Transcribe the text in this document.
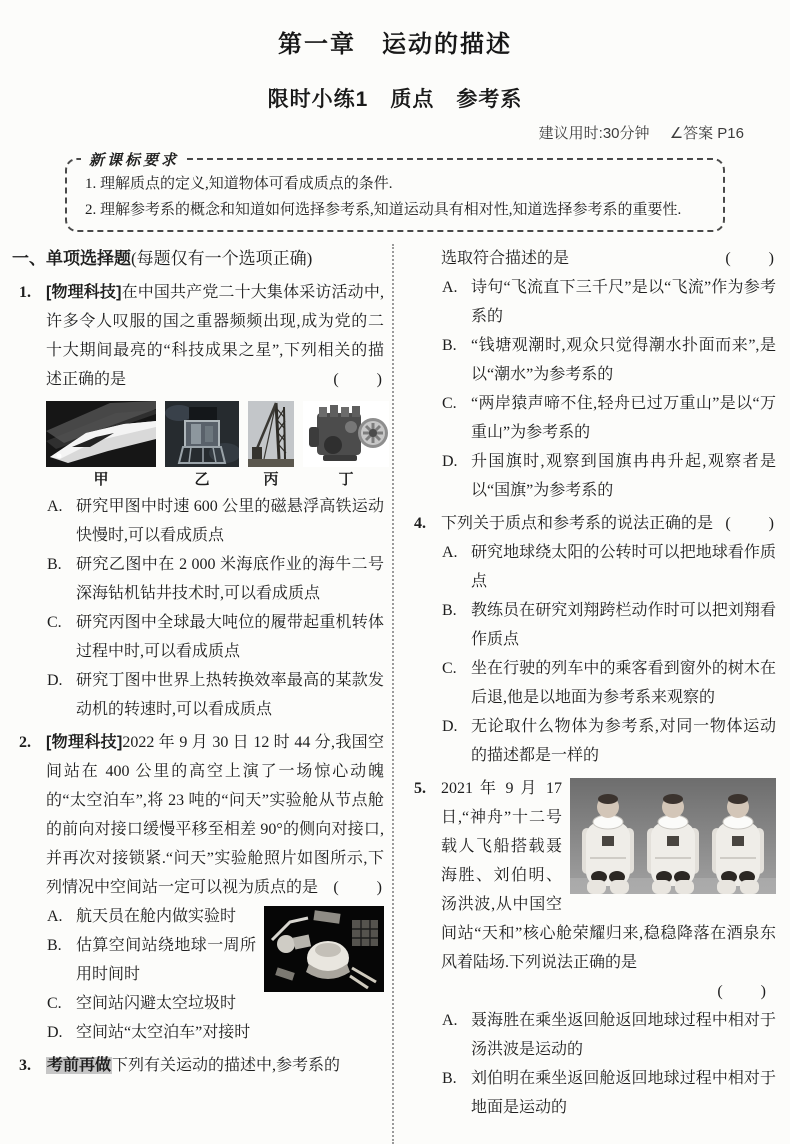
第一章　运动的描述
限时小练1　质点　参考系
建议用时:30分钟 ∠答案 P16
新课标要求

1. 理解质点的定义,知道物体可看成质点的条件.

2. 理解参考系的概念和知道如何选择参考系,知道运动具有相对性,知道选择参考系的重要性.

一、单项选择题(每题仅有一个选项正确)
1. [物理科技]在中国共产党二十大集体采访活动中,许多令人叹服的国之重器频频出现,成为党的二十大期间最亮的“科技成果之星”,下列相关的描述正确的是	(　　)

甲	乙	丙	丁
A. 研究甲图中时速 600 公里的磁悬浮高铁运动快慢时,可以看成质点
B. 研究乙图中在 2 000 米海底作业的海牛二号深海钻机钻井技术时,可以看成质点
C. 研究丙图中全球最大吨位的履带起重机转体过程中时,可以看成质点
D. 研究丁图中世界上热转换效率最高的某款发动机的转速时,可以看成质点
2. [物理科技]2022 年 9 月 30 日 12 时 44 分,我国空间站在 400 公里的高空上演了一场惊心动魄的“太空泊车”,将 23 吨的“问天”实验舱从节点舱的前向对接口缓慢平移至相差 90°的侧向对接口,并再次对接锁紧.“问天”实验舱照片如图所示,下列情况中空间站一定可以视为质点的是 (　　)

A. 航天员在舱内做实验时
B. 估算空间站绕地球一周所用时间时
C. 空间站闪避太空垃圾时
D. 空间站“太空泊车”对接时
3. 考前再做下列有关运动的描述中,参考系的

选取符合描述的是	(　　)

A. 诗句“飞流直下三千尺”是以“飞流”作为参考系的
B. “钱塘观潮时,观众只觉得潮水扑面而来”,是以“潮水”为参考系的
C. “两岸猿声啼不住,轻舟已过万重山”是以“万重山”为参考系的
D. 升国旗时,观察到国旗冉冉升起,观察者是以“国旗”为参考系的
4. 下列关于质点和参考系的说法正确的是 (　　)

A. 研究地球绕太阳的公转时可以把地球看作质点
B. 教练员在研究刘翔跨栏动作时可以把刘翔看作质点
C. 坐在行驶的列车中的乘客看到窗外的树木在后退,他是以地面为参考系来观察的
D. 无论取什么物体为参考系,对同一物体运动的描述都是一样的
5. 2021 年 9 月 17 日,“神舟”十二号载人飞船搭载聂海胜、刘伯明、汤洪波,从中国空间站“天和”核心舱荣耀归来,稳稳降落在酒泉东风着陆场.下列说法正确的是

(　　)
A. 聂海胜在乘坐返回舱返回地球过程中相对于汤洪波是运动的
B. 刘伯明在乘坐返回舱返回地球过程中相对于地面是运动的
